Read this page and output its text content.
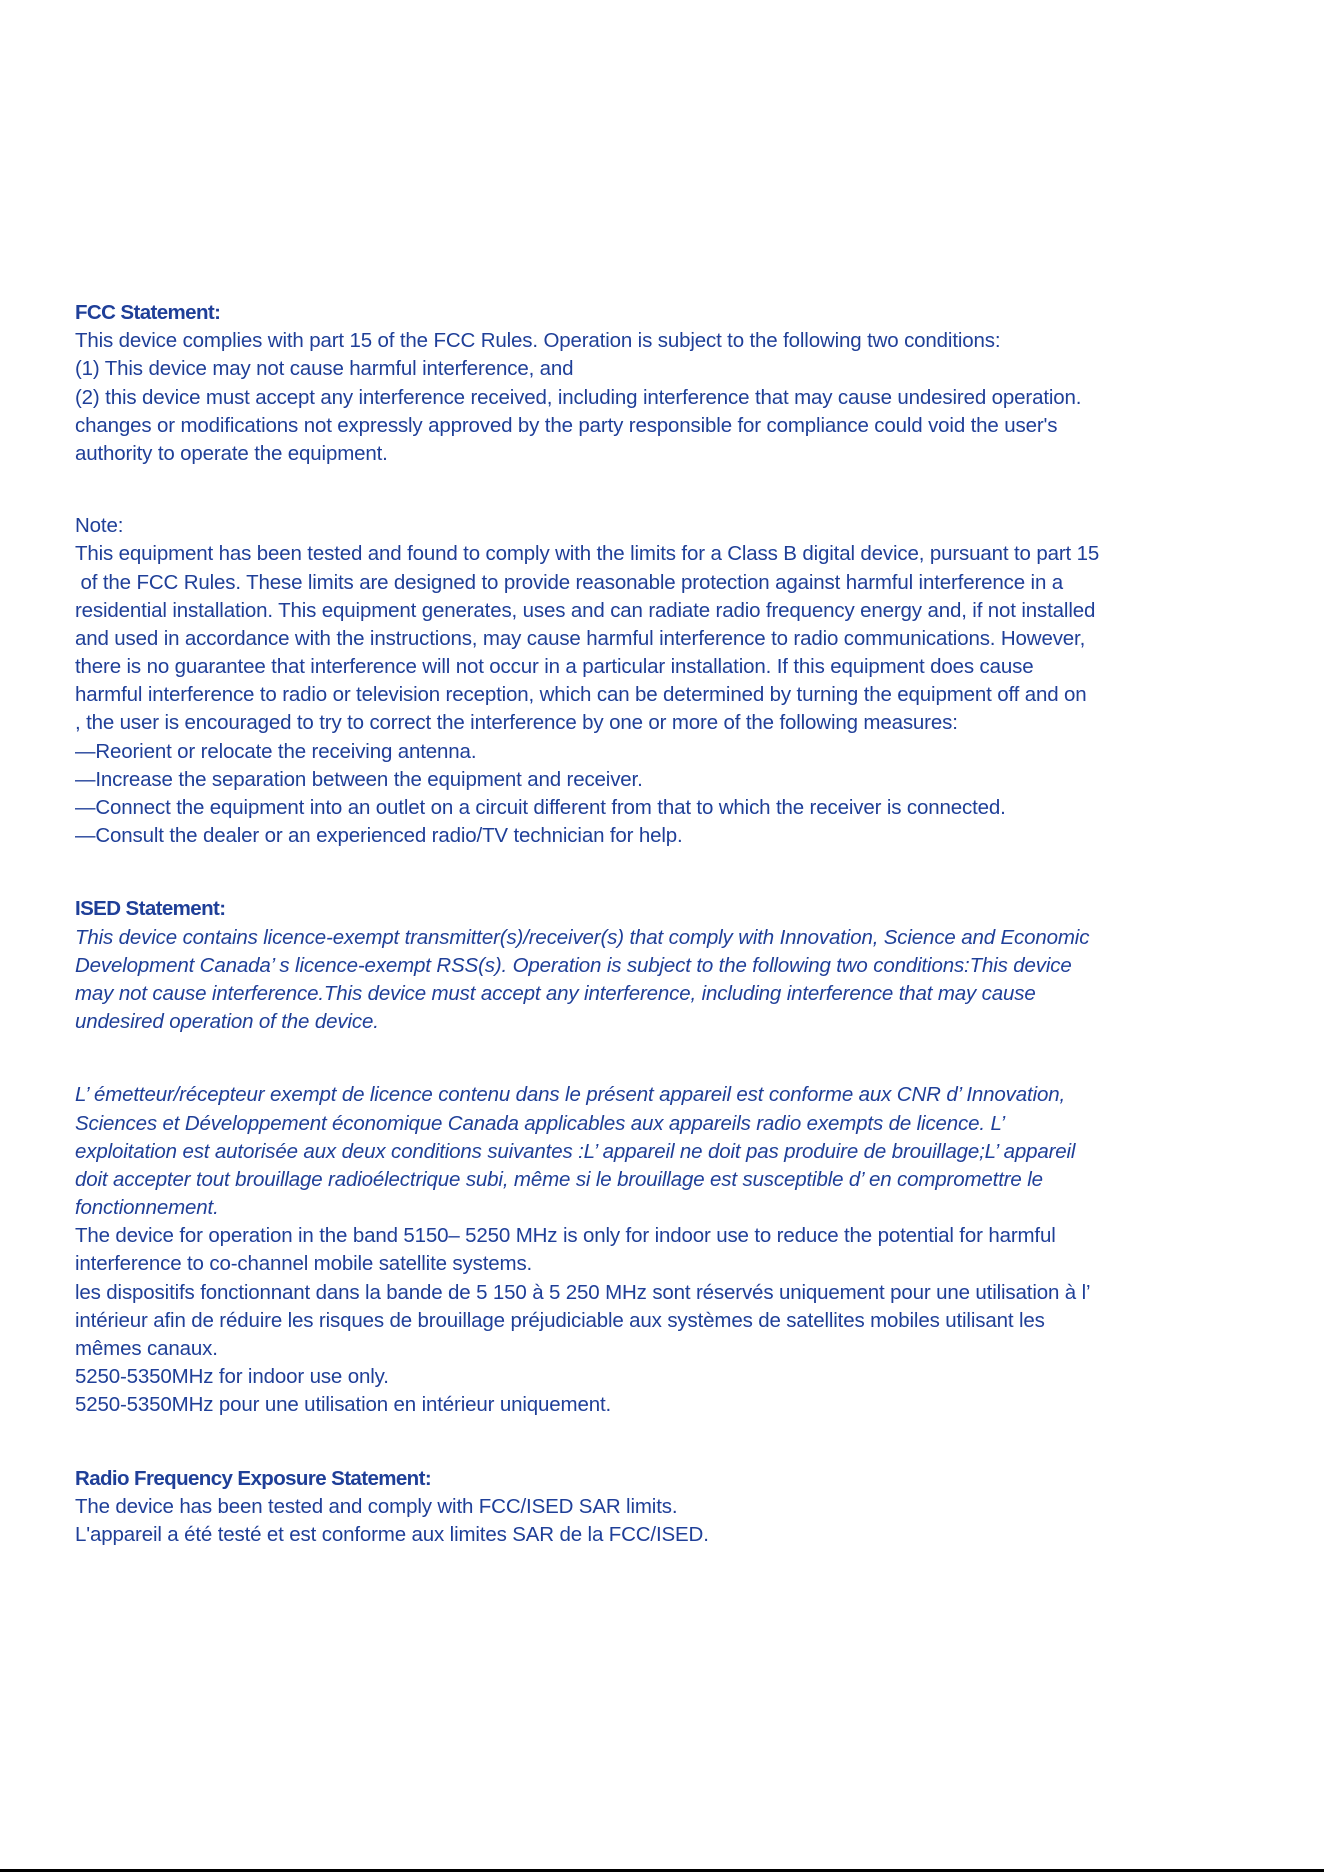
FCC Statement:
This device complies with part 15 of the FCC Rules. Operation is subject to the following two conditions:
(1) This device may not cause harmful interference, and
(2) this device must accept any interference received, including interference that may cause undesired operation.
changes or modifications not expressly approved by the party responsible for compliance could void the user's
authority to operate the equipment.
Note:
This equipment has been tested and found to comply with the limits for a Class B digital device, pursuant to part 15
of the FCC Rules. These limits are designed to provide reasonable protection against harmful interference in a
residential installation. This equipment generates, uses and can radiate radio frequency energy and, if not installed
and used in accordance with the instructions, may cause harmful interference to radio communications. However,
there is no guarantee that interference will not occur in a particular installation. If this equipment does cause
harmful interference to radio or television reception, which can be determined by turning the equipment off and on
, the user is encouraged to try to correct the interference by one or more of the following measures:
—Reorient or relocate the receiving antenna.
—Increase the separation between the equipment and receiver.
—Connect the equipment into an outlet on a circuit different from that to which the receiver is connected.
—Consult the dealer or an experienced radio/TV technician for help.
ISED Statement:
This device contains licence-exempt transmitter(s)/receiver(s) that comply with Innovation, Science and Economic
Development Canada’ s licence-exempt RSS(s). Operation is subject to the following two conditions:This device
may not cause interference.This device must accept any interference, including interference that may cause
undesired operation of the device.
L’ émetteur/récepteur exempt de licence contenu dans le présent appareil est conforme aux CNR d’ Innovation,
Sciences et Développement économique Canada applicables aux appareils radio exempts de licence. L’
exploitation est autorisée aux deux conditions suivantes :L’ appareil ne doit pas produire de brouillage;L’ appareil
doit accepter tout brouillage radioélectrique subi, même si le brouillage est susceptible d’ en compromettre le
fonctionnement.
The device for operation in the band 5150– 5250 MHz is only for indoor use to reduce the potential for harmful
interference to co-channel mobile satellite systems.
les dispositifs fonctionnant dans la bande de 5 150 à 5 250 MHz sont réservés uniquement pour une utilisation à l’
intérieur afin de réduire les risques de brouillage préjudiciable aux systèmes de satellites mobiles utilisant les
mêmes canaux.
5250-5350MHz for indoor use only.
5250-5350MHz pour une utilisation en intérieur uniquement.
Radio Frequency Exposure Statement:
The device has been tested and comply with FCC/ISED SAR limits.
L'appareil a été testé et est conforme aux limites SAR de la FCC/ISED.
